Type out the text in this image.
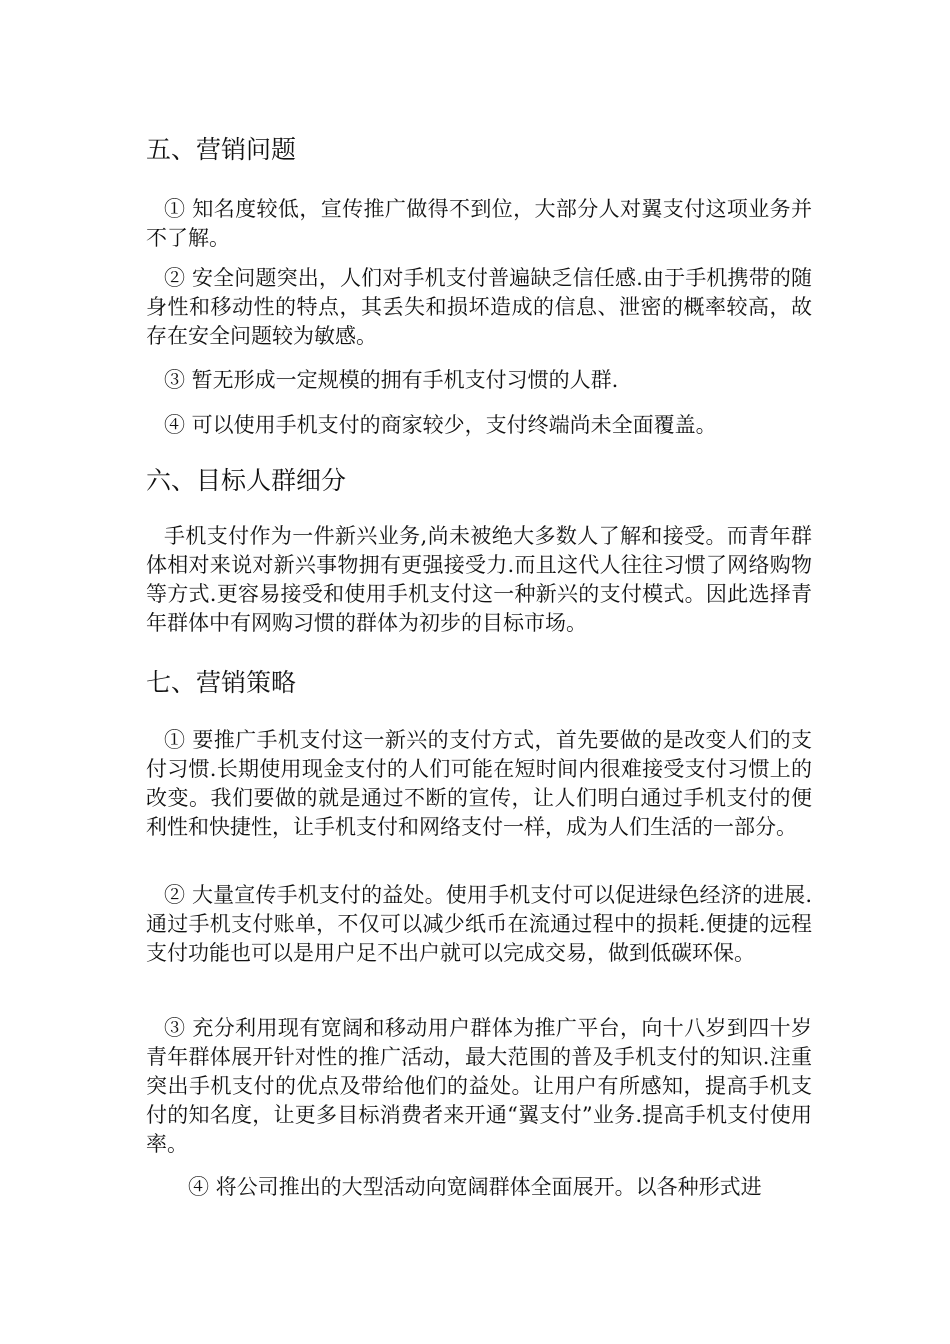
五、营销问题

① 知名度较低，宣传推广做得不到位，大部分人对翼支付这项业务并不了解。

② 安全问题突出，人们对手机支付普遍缺乏信任感.由于手机携带的随身性和移动性的特点，其丢失和损坏造成的信息、泄密的概率较高，故存在安全问题较为敏感。

③ 暂无形成一定规模的拥有手机支付习惯的人群.

④ 可以使用手机支付的商家较少，支付终端尚未全面覆盖。

六、目标人群细分

手机支付作为一件新兴业务,尚未被绝大多数人了解和接受。而青年群体相对来说对新兴事物拥有更强接受力.而且这代人往往习惯了网络购物等方式.更容易接受和使用手机支付这一种新兴的支付模式。因此选择青年群体中有网购习惯的群体为初步的目标市场。

七、营销策略

① 要推广手机支付这一新兴的支付方式，首先要做的是改变人们的支付习惯.长期使用现金支付的人们可能在短时间内很难接受支付习惯上的改变。我们要做的就是通过不断的宣传，让人们明白通过手机支付的便利性和快捷性，让手机支付和网络支付一样，成为人们生活的一部分。

② 大量宣传手机支付的益处。使用手机支付可以促进绿色经济的进展.通过手机支付账单，不仅可以减少纸币在流通过程中的损耗.便捷的远程支付功能也可以是用户足不出户就可以完成交易，做到低碳环保。

③ 充分利用现有宽阔和移动用户群体为推广平台，向十八岁到四十岁青年群体展开针对性的推广活动，最大范围的普及手机支付的知识.注重突出手机支付的优点及带给他们的益处。让用户有所感知，提高手机支付的知名度，让更多目标消费者来开通“翼支付”业务.提高手机支付使用率。

④ 将公司推出的大型活动向宽阔群体全面展开。以各种形式进
